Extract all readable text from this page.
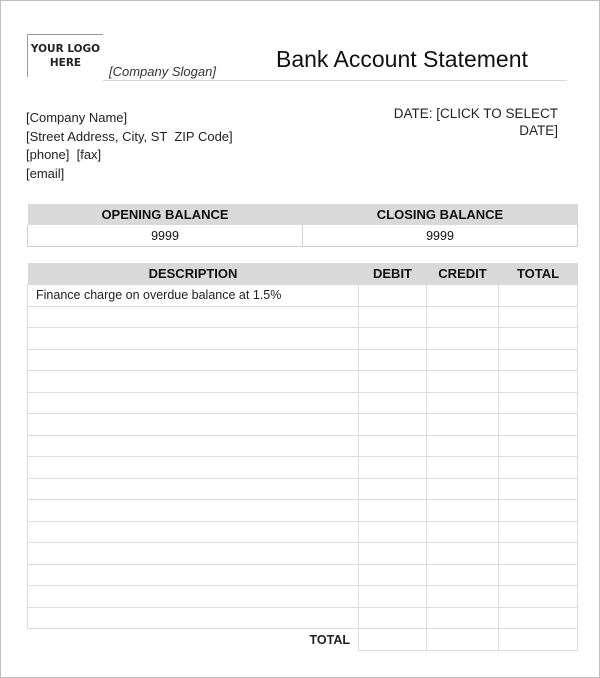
YOUR LOGO
HERE
[Company Slogan]	Bank Account Statement
[Company Name]
[Street Address, City, ST  ZIP Code]
[phone]  [fax]
[email]
DATE: [CLICK TO SELECT
DATE]
OPENING BALANCE	CLOSING BALANCE
9999	9999
DESCRIPTION	DEBIT	CREDIT	TOTAL
Finance charge on overdue balance at 1.5%			

TOTAL			
